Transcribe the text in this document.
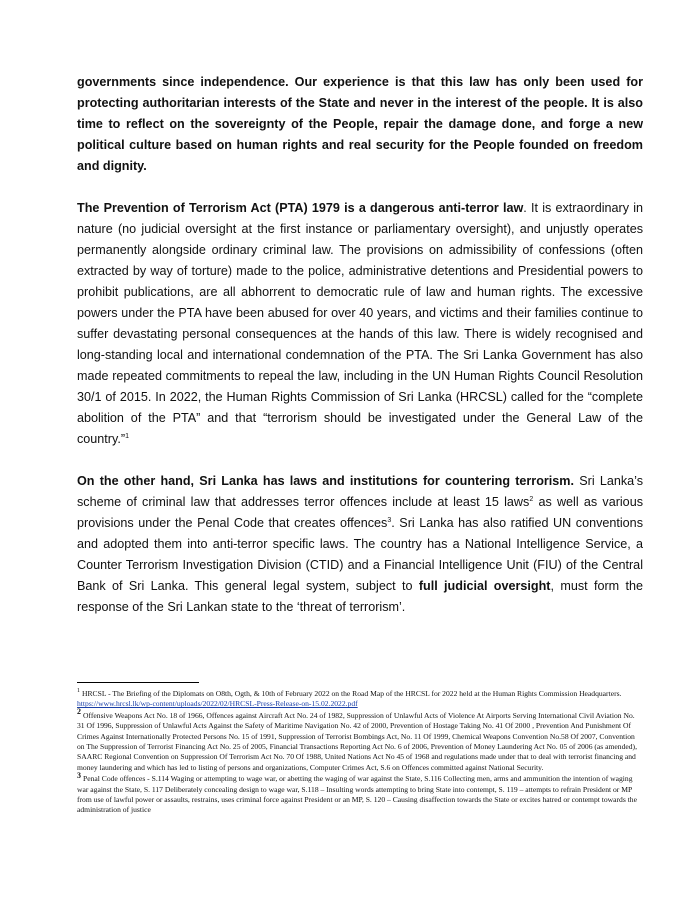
governments since independence. Our experience is that this law has only been used for protecting authoritarian interests of the State and never in the interest of the people. It is also time to reflect on the sovereignty of the People, repair the damage done, and forge a new political culture based on human rights and real security for the People founded on freedom and dignity.

The Prevention of Terrorism Act (PTA) 1979 is a dangerous anti-terror law. It is extraordinary in nature (no judicial oversight at the first instance or parliamentary oversight), and unjustly operates permanently alongside ordinary criminal law. The provisions on admissibility of confessions (often extracted by way of torture) made to the police, administrative detentions and Presidential powers to prohibit publications, are all abhorrent to democratic rule of law and human rights. The excessive powers under the PTA have been abused for over 40 years, and victims and their families continue to suffer devastating personal consequences at the hands of this law. There is widely recognised and long-standing local and international condemnation of the PTA. The Sri Lanka Government has also made repeated commitments to repeal the law, including in the UN Human Rights Council Resolution 30/1 of 2015. In 2022, the Human Rights Commission of Sri Lanka (HRCSL) called for the “complete abolition of the PTA” and that “terrorism should be investigated under the General Law of the country.”$^1$

On the other hand, Sri Lanka has laws and institutions for countering terrorism. Sri Lanka’s scheme of criminal law that addresses terror offences include at least 15 laws$^2$ as well as various provisions under the Penal Code that creates offences$^3$. Sri Lanka has also ratified UN conventions and adopted them into anti-terror specific laws. The country has a National Intelligence Service, a Counter Terrorism Investigation Division (CTID) and a Financial Intelligence Unit (FIU) of the Central Bank of Sri Lanka. This general legal system, subject to full judicial oversight, must form the response of the Sri Lankan state to the ‘threat of terrorism’.

$^1$ HRCSL - The Briefing of the Diplomats on O8th, Ogth, & 10th of February 2022 on the Road Map of the HRCSL for 2022 held at the Human Rights Commission Headquarters. https://www.hrcsl.lk/wp-content/uploads/2022/02/HRCSL-Press-Release-on-15.02.2022.pdf

2 Offensive Weapons Act No. 18 of 1966, Offences against Aircraft Act No. 24 of 1982, Suppression of Unlawful Acts of Violence At Airports Serving International Civil Aviation No. 31 Of 1996, Suppression of Unlawful Acts Against the Safety of Maritime Navigation No. 42 of 2000, Prevention of Hostage Taking No. 41 Of 2000 , Prevention And Punishment Of Crimes Against Internationally Protected Persons No. 15 of 1991, Suppression of Terrorist Bombings Act, No. 11 Of 1999, Chemical Weapons Convention No.58 Of 2007, Convention on The Suppression of Terrorist Financing Act No. 25 of 2005, Financial Transactions Reporting Act No. 6 of 2006, Prevention of Money Laundering Act No. 05 of 2006 (as amended), SAARC Regional Convention on Suppression Of Terrorism Act No. 70 Of 1988, United Nations Act No 45 of 1968 and regulations made under that to deal with terrorist financing and money laundering and which has led to listing of persons and organizations, Computer Crimes Act, S.6 on Offences committed against National Security.

3 Penal Code offences - S.114 Waging or attempting to wage war, or abetting the waging of war against the State, S.116 Collecting men, arms and ammunition the intention of waging war against the State, S. 117 Deliberately concealing design to wage war, S.118 – Insulting words attempting to bring State into contempt, S. 119 – attempts to refrain President or MP from use of lawful power or assaults, restrains, uses criminal force against President or an MP, S. 120 – Causing disaffection towards the State or excites hatred or contempt towards the administration of justice
